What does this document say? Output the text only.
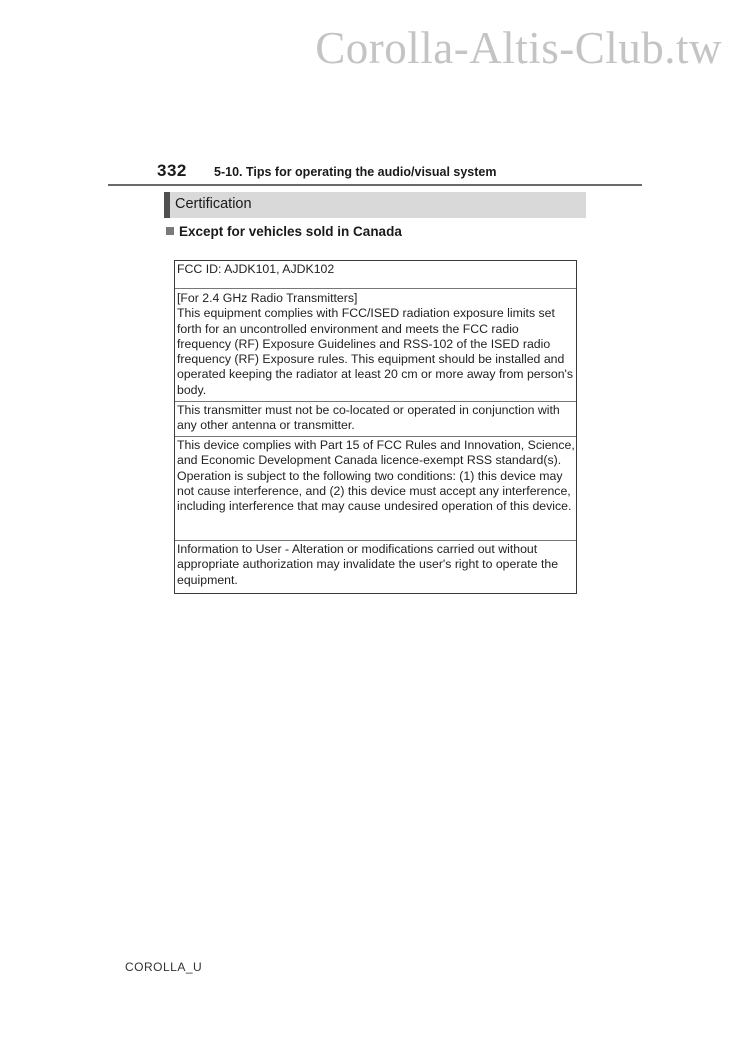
Corolla-Altis-Club.tw
332 5-10. Tips for operating the audio/visual system
Certification
Except for vehicles sold in Canada
FCC ID: AJDK101, AJDK102
[For 2.4 GHz Radio Transmitters]
This equipment complies with FCC/ISED radiation exposure limits set forth for an uncontrolled environment and meets the FCC radio frequency (RF) Exposure Guidelines and RSS-102 of the ISED radio frequency (RF) Exposure rules. This equipment should be installed and operated keeping the radiator at least 20 cm or more away from person's body.
This transmitter must not be co-located or operated in conjunction with any other antenna or transmitter.
This device complies with Part 15 of FCC Rules and Innovation, Science, and Economic Development Canada licence-exempt RSS standard(s). Operation is subject to the following two conditions: (1) this device may not cause interference, and (2) this device must accept any interference, including interference that may cause undesired operation of this device.
Information to User - Alteration or modifications carried out without appropriate authorization may invalidate the user's right to operate the equipment.
COROLLA_U
